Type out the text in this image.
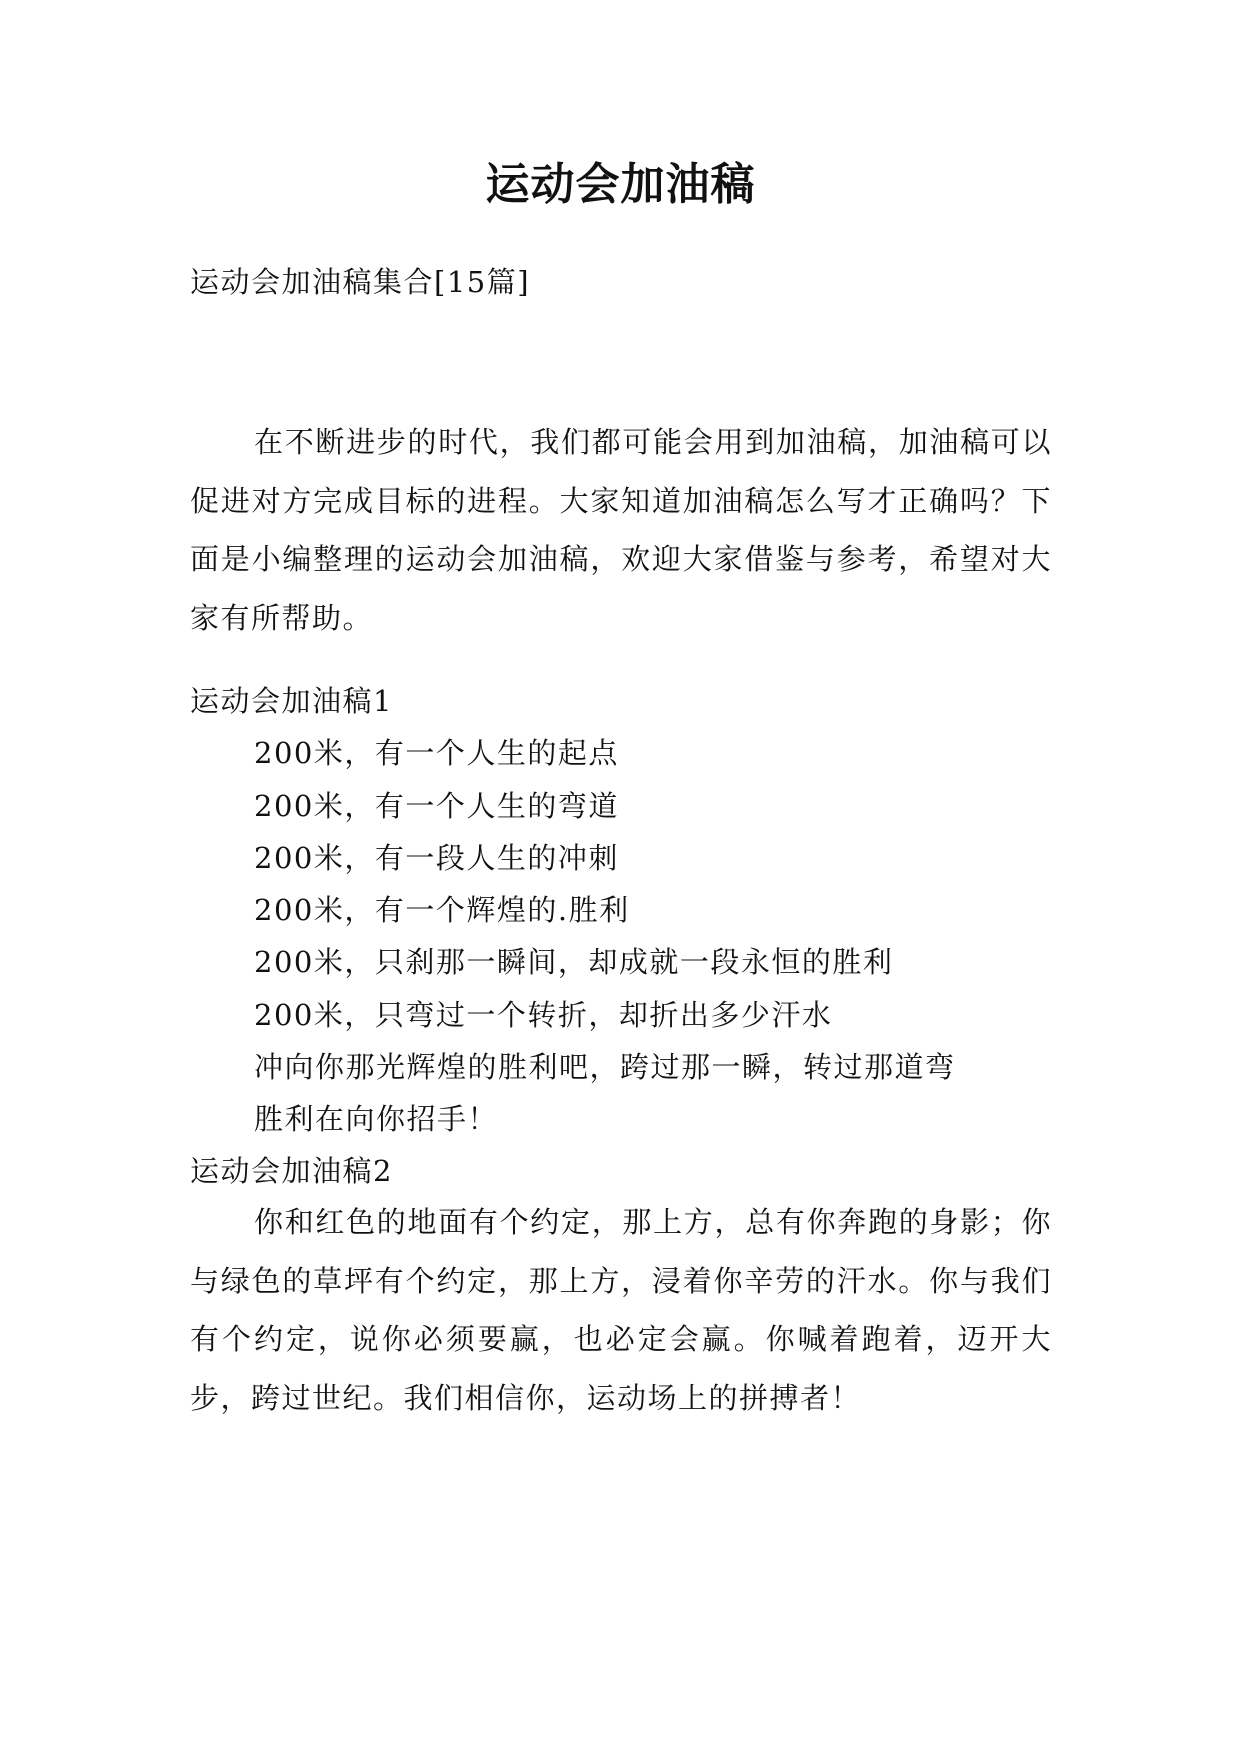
运动会加油稿

运动会加油稿集合[15篇]

在不断进步的时代，我们都可能会用到加油稿，加油稿可以促进对方完成目标的进程。大家知道加油稿怎么写才正确吗？下面是小编整理的运动会加油稿，欢迎大家借鉴与参考，希望对大家有所帮助。

运动会加油稿1

200米，有一个人生的起点

200米，有一个人生的弯道

200米，有一段人生的冲刺

200米，有一个辉煌的.胜利

200米，只刹那一瞬间，却成就一段永恒的胜利

200米，只弯过一个转折，却折出多少汗水

冲向你那光辉煌的胜利吧，跨过那一瞬，转过那道弯

胜利在向你招手！

运动会加油稿2

你和红色的地面有个约定，那上方，总有你奔跑的身影；你与绿色的草坪有个约定，那上方，浸着你辛劳的汗水。你与我们有个约定，说你必须要赢，也必定会赢。你喊着跑着，迈开大步，跨过世纪。我们相信你，运动场上的拼搏者！
